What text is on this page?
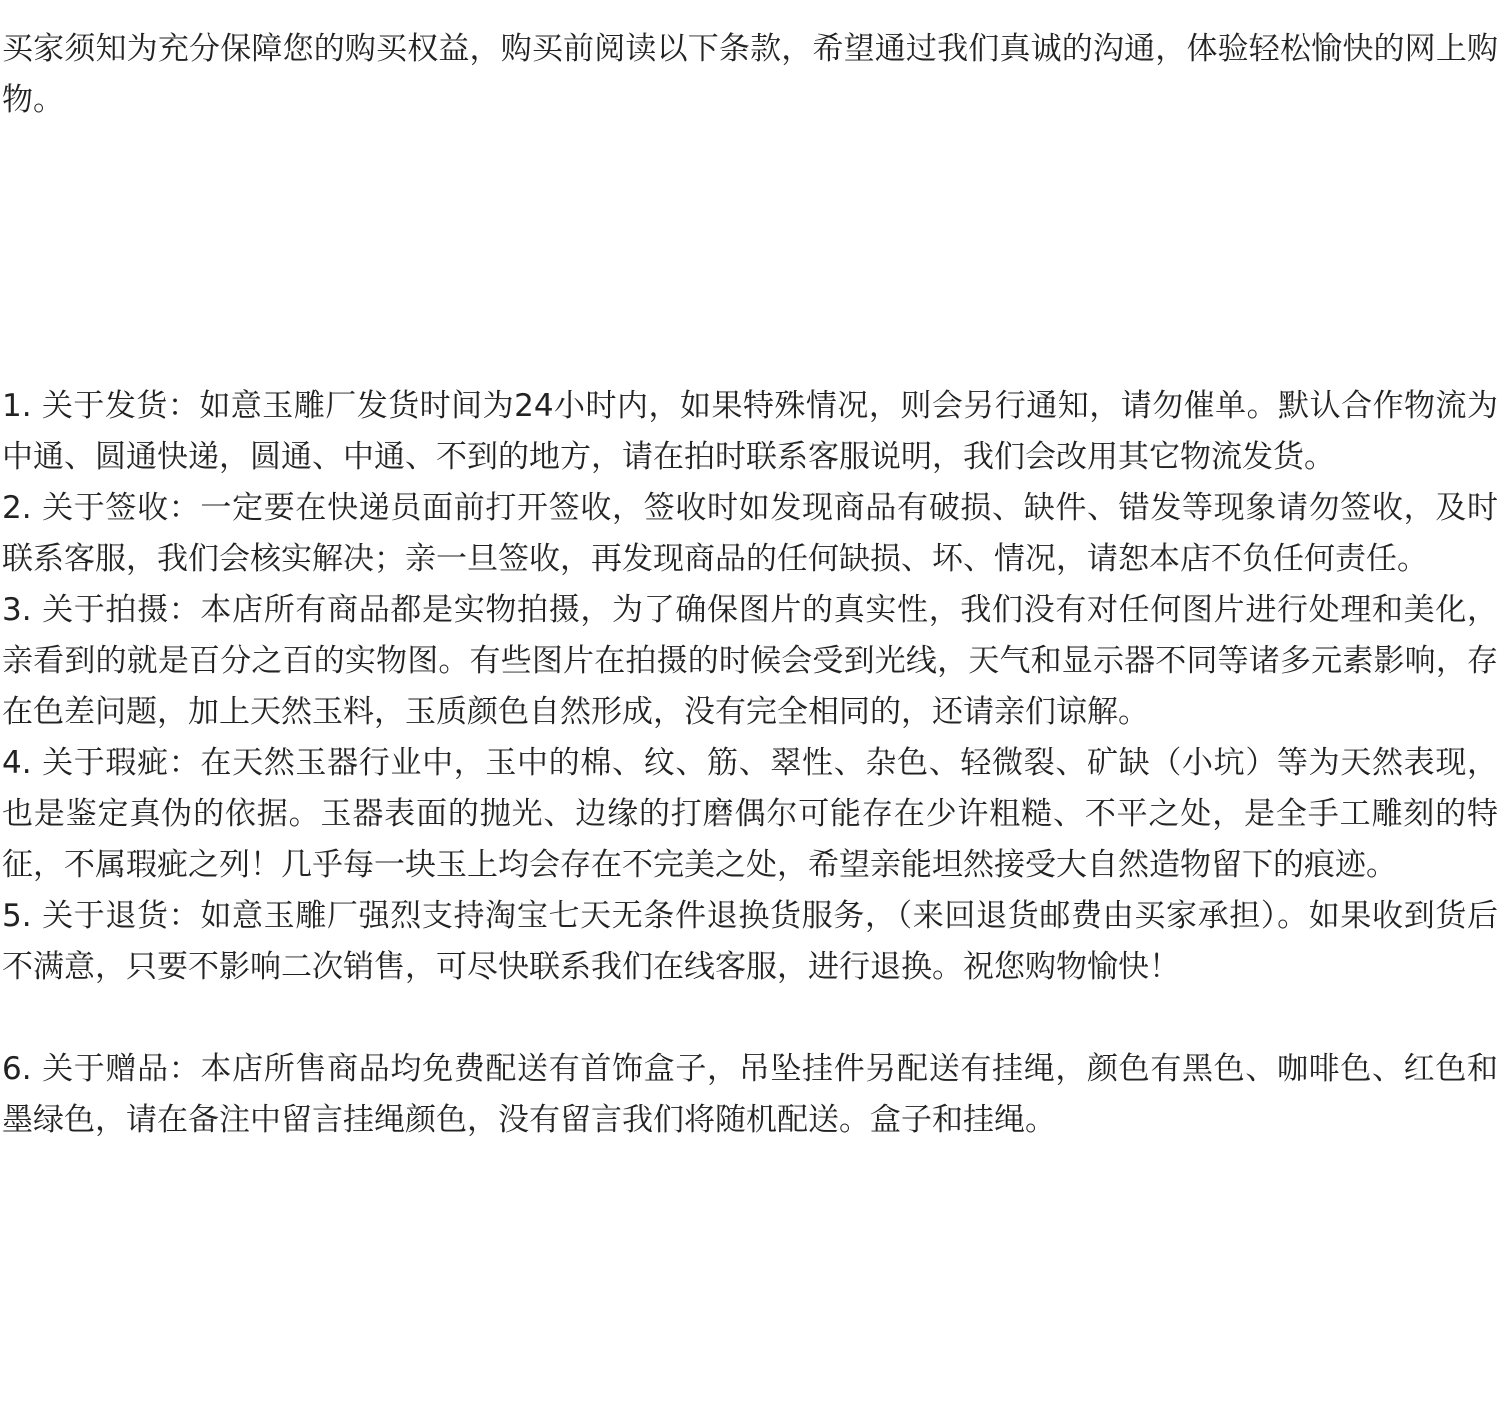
买家须知为充分保障您的购买权益，购买前阅读以下条款，希望通过我们真诚的沟通，体验轻松愉快的网上购物。

1. 关于发货：如意玉雕厂发货时间为24小时内，如果特殊情况，则会另行通知，请勿催单。默认合作物流为中通、圆通快递，圆通、中通、不到的地方，请在拍时联系客服说明，我们会改用其它物流发货。
2. 关于签收：一定要在快递员面前打开签收，签收时如发现商品有破损、缺件、错发等现象请勿签收，及时联系客服，我们会核实解决；亲一旦签收，再发现商品的任何缺损、坏、情况，请恕本店不负任何责任。
3. 关于拍摄：本店所有商品都是实物拍摄，为了确保图片的真实性，我们没有对任何图片进行处理和美化，亲看到的就是百分之百的实物图。有些图片在拍摄的时候会受到光线，天气和显示器不同等诸多元素影响，存在色差问题，加上天然玉料，玉质颜色自然形成，没有完全相同的，还请亲们谅解。
4. 关于瑕疵：在天然玉器行业中，玉中的棉、纹、筋、翠性、杂色、轻微裂、矿缺（小坑）等为天然表现，也是鉴定真伪的依据。玉器表面的抛光、边缘的打磨偶尔可能存在少许粗糙、不平之处，是全手工雕刻的特征，不属瑕疵之列！几乎每一块玉上均会存在不完美之处，希望亲能坦然接受大自然造物留下的痕迹。
5. 关于退货：如意玉雕厂强烈支持淘宝七天无条件退换货服务，（来回退货邮费由买家承担）。如果收到货后不满意，只要不影响二次销售，可尽快联系我们在线客服，进行退换。祝您购物愉快！
6. 关于赠品：本店所售商品均免费配送有首饰盒子，吊坠挂件另配送有挂绳，颜色有黑色、咖啡色、红色和墨绿色，请在备注中留言挂绳颜色，没有留言我们将随机配送。盒子和挂绳。
